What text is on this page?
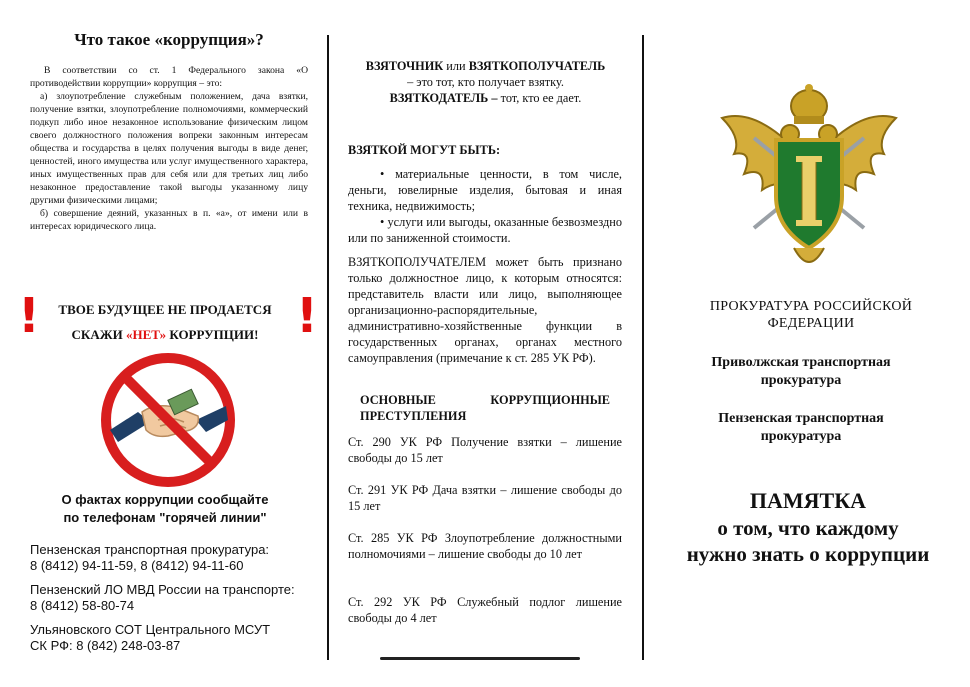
Что такое «коррупция»?

В соответствии со ст. 1 Федерального закона «О противодействии коррупции» коррупция – это:

а) злоупотребление служебным положением, дача взятки, получение взятки, злоупотребление полномочиями, коммерческий подкуп либо иное незаконное использование физическим лицом своего должностного положения вопреки законным интересам общества и государства в целях получения выгоды в виде денег, ценностей, иного имущества или услуг имущественного характера, иных имущественных прав для себя или для третьих лиц либо незаконное предоставление такой выгоды указанному лицу другими физическими лицами;

б) совершение деяний, указанных в п. «а», от имени или в интересах юридического лица.

!	!
ТВОЕ БУДУЩЕЕ НЕ ПРОДАЕТСЯ
СКАЖИ «НЕТ» КОРРУПЦИИ!
О фактах коррупции сообщайте
по телефонам "горячей линии"

Пензенская транспортная прокуратура:
8 (8412) 94-11-59, 8 (8412) 94-11-60

Пензенский ЛО МВД России на транспорте:
8 (8412) 58-80-74

Ульяновского СОТ Центрального МСУТ
СК РФ: 8 (842) 248-03-87

ВЗЯТОЧНИК или ВЗЯТКОПОЛУЧАТЕЛЬ
– это тот, кто получает взятку.
ВЗЯТКОДАТЕЛЬ – тот, кто ее дает.

ВЗЯТКОЙ МОГУТ БЫТЬ:

• материальные ценности, в том числе, деньги, ювелирные изделия, бытовая и иная техника, недвижимость;

• услуги или выгоды, оказанные безвозмездно или по заниженной стоимости.

ВЗЯТКОПОЛУЧАТЕЛЕМ может быть признано только должностное лицо, к которым относятся: представитель власти или лицо, выполняющее организационно-распорядительные, административно-хозяйственные функции в государственных органах, органах местного самоуправления (примечание к ст. 285 УК РФ).

ОСНОВНЫЕ КОРРУПЦИОННЫЕ ПРЕСТУПЛЕНИЯ

Ст. 290 УК РФ Получение взятки – лишение свободы до 15 лет

Ст. 291 УК РФ Дача взятки – лишение свободы до 15 лет

Ст. 285 УК РФ Злоупотребление должностными полномочиями – лишение свободы до 10 лет

Ст. 292 УК РФ Служебный подлог лишение свободы до 4 лет

ПРОКУРАТУРА РОССИЙСКОЙ ФЕДЕРАЦИИ
Приволжская транспортная прокуратура
Пензенская транспортная прокуратура
ПАМЯТКА
о том, что каждому
нужно знать о коррупции
